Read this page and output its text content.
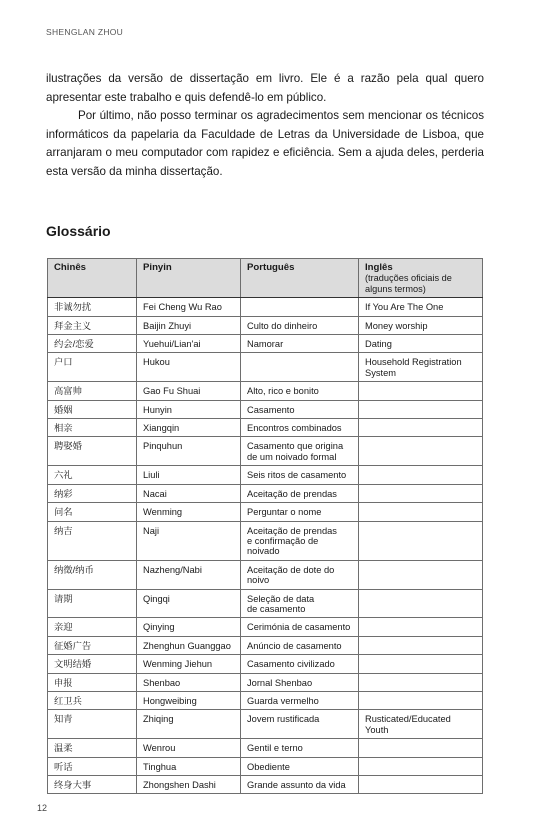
SHENGLAN ZHOU

ilustrações da versão de dissertação em livro. Ele é a razão pela qual quero apresentar este trabalho e quis defendê-lo em público.

Por último, não posso terminar os agradecimentos sem mencionar os técnicos informáticos da papelaria da Faculdade de Letras da Universidade de Lisboa, que arranjaram o meu computador com rapidez e eficiência. Sem a ajuda deles, perderia esta versão da minha dissertação.

Glossário
Chinês	Pinyin	Português	Inglês
(traduções oficiais de alguns termos)

非诚勿扰	Fei Cheng Wu Rao		If You Are The One
拜金主义	Baijin Zhuyi	Culto do dinheiro	Money worship
约会/恋爱	Yuehui/Lian'ai	Namorar	Dating
户口	Hukou		Household Registration
System
高富帅	Gao Fu Shuai	Alto, rico e bonito	
婚姻	Hunyin	Casamento	
相亲	Xiangqin	Encontros combinados	
聘娶婚	Pinquhun	Casamento que origina
de um noivado formal	
六礼	Liuli	Seis ritos de casamento	
纳彩	Nacai	Aceitação de prendas	
问名	Wenming	Perguntar o nome	
纳吉	Naji	Aceitação de prendas
e confirmação de noivado	
纳徵/纳币	Nazheng/Nabi	Aceitação de dote do noivo	
请期	Qingqi	Seleção de data
de casamento	
亲迎	Qinying	Cerimónia de casamento	
征婚广告	Zhenghun Guanggao	Anúncio de casamento	
文明结婚	Wenming Jiehun	Casamento civilizado	
申报	Shenbao	Jornal Shenbao	
红卫兵	Hongweibing	Guarda vermelho	
知青	Zhiqing	Jovem rustificada	Rusticated/Educated Youth
温柔	Wenrou	Gentil e terno	
听话	Tinghua	Obediente	
终身大事	Zhongshen Dashi	Grande assunto da vida	
12
